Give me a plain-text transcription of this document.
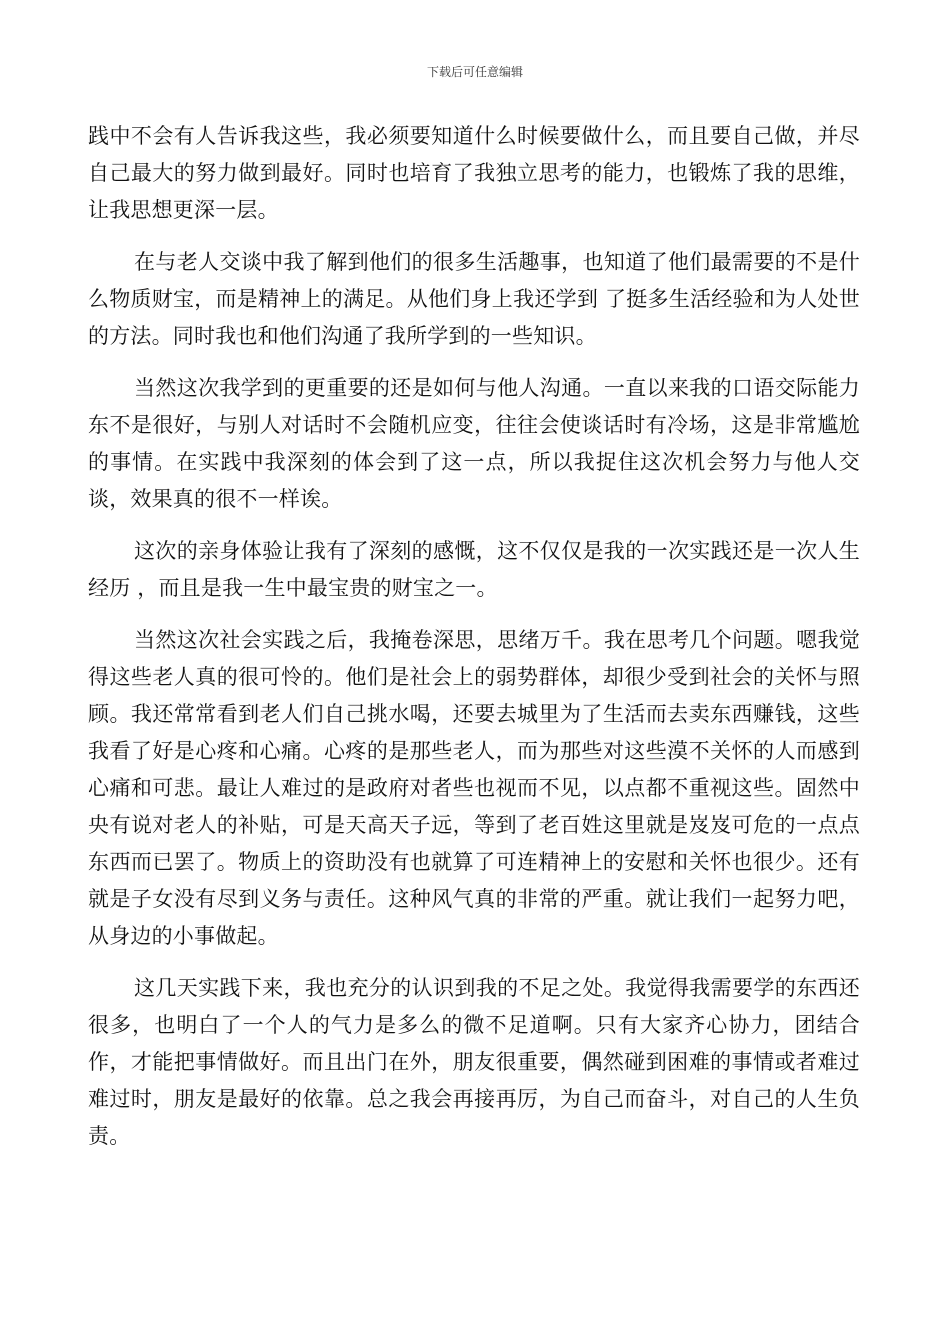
下载后可任意编辑

践中不会有人告诉我这些，我必须要知道什么时候要做什么，而且要自己做，并尽自己最大的努力做到最好。同时也培育了我独立思考的能力，也锻炼了我的思维，让我思想更深一层。

在与老人交谈中我了解到他们的很多生活趣事，也知道了他们最需要的不是什么物质财宝，而是精神上的满足。从他们身上我还学到 了挺多生活经验和为人处世的方法。同时我也和他们沟通了我所学到的一些知识。

当然这次我学到的更重要的还是如何与他人沟通。一直以来我的口语交际能力东不是很好，与别人对话时不会随机应变，往往会使谈话时有冷场，这是非常尴尬的事情。在实践中我深刻的体会到了这一点，所以我捉住这次机会努力与他人交谈，效果真的很不一样诶。

这次的亲身体验让我有了深刻的感慨，这不仅仅是我的一次实践还是一次人生经历 ，而且是我一生中最宝贵的财宝之一。

当然这次社会实践之后，我掩卷深思，思绪万千。我在思考几个问题。嗯我觉得这些老人真的很可怜的。他们是社会上的弱势群体，却很少受到社会的关怀与照顾。我还常常看到老人们自己挑水喝，还要去城里为了生活而去卖东西赚钱，这些我看了好是心疼和心痛。心疼的是那些老人，而为那些对这些漠不关怀的人而感到心痛和可悲。最让人难过的是政府对者些也视而不见，以点都不重视这些。固然中央有说对老人的补贴，可是天高天子远，等到了老百姓这里就是岌岌可危的一点点东西而已罢了。物质上的资助没有也就算了可连精神上的安慰和关怀也很少。还有就是子女没有尽到义务与责任。这种风气真的非常的严重。就让我们一起努力吧，从身边的小事做起。

这几天实践下来，我也充分的认识到我的不足之处。我觉得我需要学的东西还很多，也明白了一个人的气力是多么的微不足道啊。只有大家齐心协力，团结合作，才能把事情做好。而且出门在外，朋友很重要，偶然碰到困难的事情或者难过难过时，朋友是最好的依靠。总之我会再接再厉，为自己而奋斗，对自己的人生负责。
